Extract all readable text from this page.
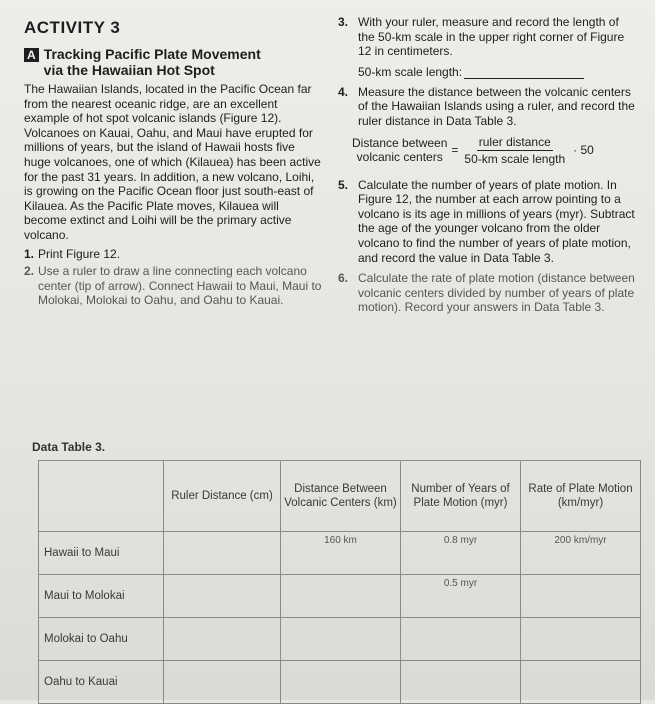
ACTIVITY 3
A Tracking Pacific Plate Movement
via the Hawaiian Hot Spot

The Hawaiian Islands, located in the Pacific Ocean far from the nearest oceanic ridge, are an excellent example of hot spot volcanic islands (Figure 12). Volcanoes on Kauai, Oahu, and Maui have erupted for millions of years, but the island of Hawaii hosts five huge volcanoes, one of which (Kilauea) has been active for the past 31 years. In addition, a new volcano, Loihi, is growing on the Pacific Ocean floor just south-east of Kilauea. As the Pacific Plate moves, Kilauea will become extinct and Loihi will be the primary active volcano.

1. Print Figure 12.
2. Use a ruler to draw a line connecting each volcano center (tip of arrow). Connect Hawaii to Maui, Maui to Molokai, Molokai to Oahu, and Oahu to Kauai.
3. With your ruler, measure and record the length of the 50-km scale in the upper right corner of Figure 12 in centimeters.
50-km scale length:
4. Measure the distance between the volcanic centers of the Hawaiian Islands using a ruler, and record the ruler distance in Data Table 3.
Distance between
volcanic centers = $\frac{\text{ruler distance}}{\text{50-km scale length}} \cdot 50$
5. Calculate the number of years of plate motion. In Figure 12, the number at each arrow pointing to a volcano is its age in millions of years (myr). Subtract the age of the younger volcano from the older volcano to find the number of years of plate motion, and record the value in Data Table 3.
6. Calculate the rate of plate motion (distance between volcanic centers divided by number of years of plate motion). Record your answers in Data Table 3.
Data Table 3.
	Ruler Distance (cm)	Distance Between Volcanic Centers (km)	Number of Years of Plate Motion (myr)	Rate of Plate Motion (km/myr)
Hawaii to Maui		160 km	0.8 myr	200 km/myr
Maui to Molokai			0.5 myr	
Molokai to Oahu				
Oahu to Kauai				
